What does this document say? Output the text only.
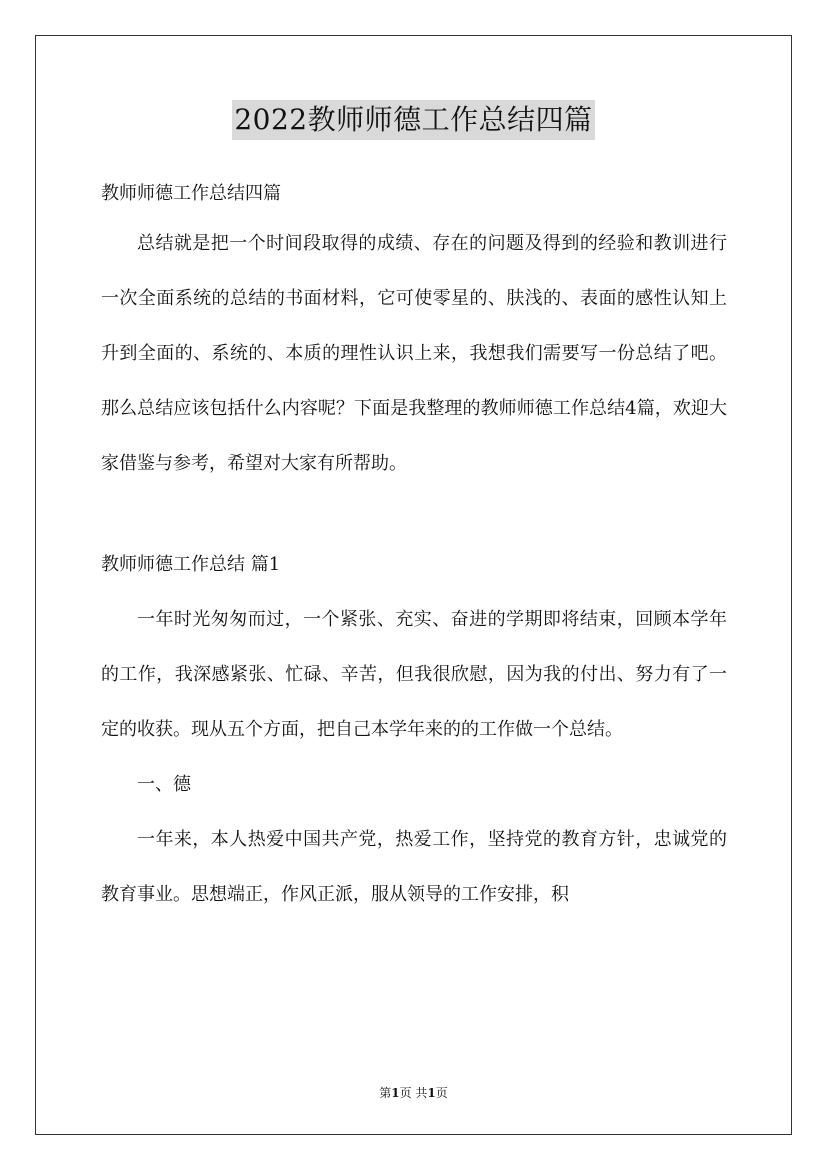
2022教师师德工作总结四篇

教师师德工作总结四篇

总结就是把一个时间段取得的成绩、存在的问题及得到的经验和教训进行一次全面系统的总结的书面材料，它可使零星的、肤浅的、表面的感性认知上升到全面的、系统的、本质的理性认识上来，我想我们需要写一份总结了吧。那么总结应该包括什么内容呢？下面是我整理的教师师德工作总结4篇，欢迎大家借鉴与参考，希望对大家有所帮助。

教师师德工作总结 篇1

一年时光匆匆而过，一个紧张、充实、奋进的学期即将结束，回顾本学年的工作，我深感紧张、忙碌、辛苦，但我很欣慰，因为我的付出、努力有了一定的收获。现从五个方面，把自己本学年来的的工作做一个总结。

一、德

一年来，本人热爱中国共产党，热爱工作，坚持党的教育方针，忠诚党的教育事业。思想端正，作风正派，服从领导的工作安排，积

第1页 共1页
